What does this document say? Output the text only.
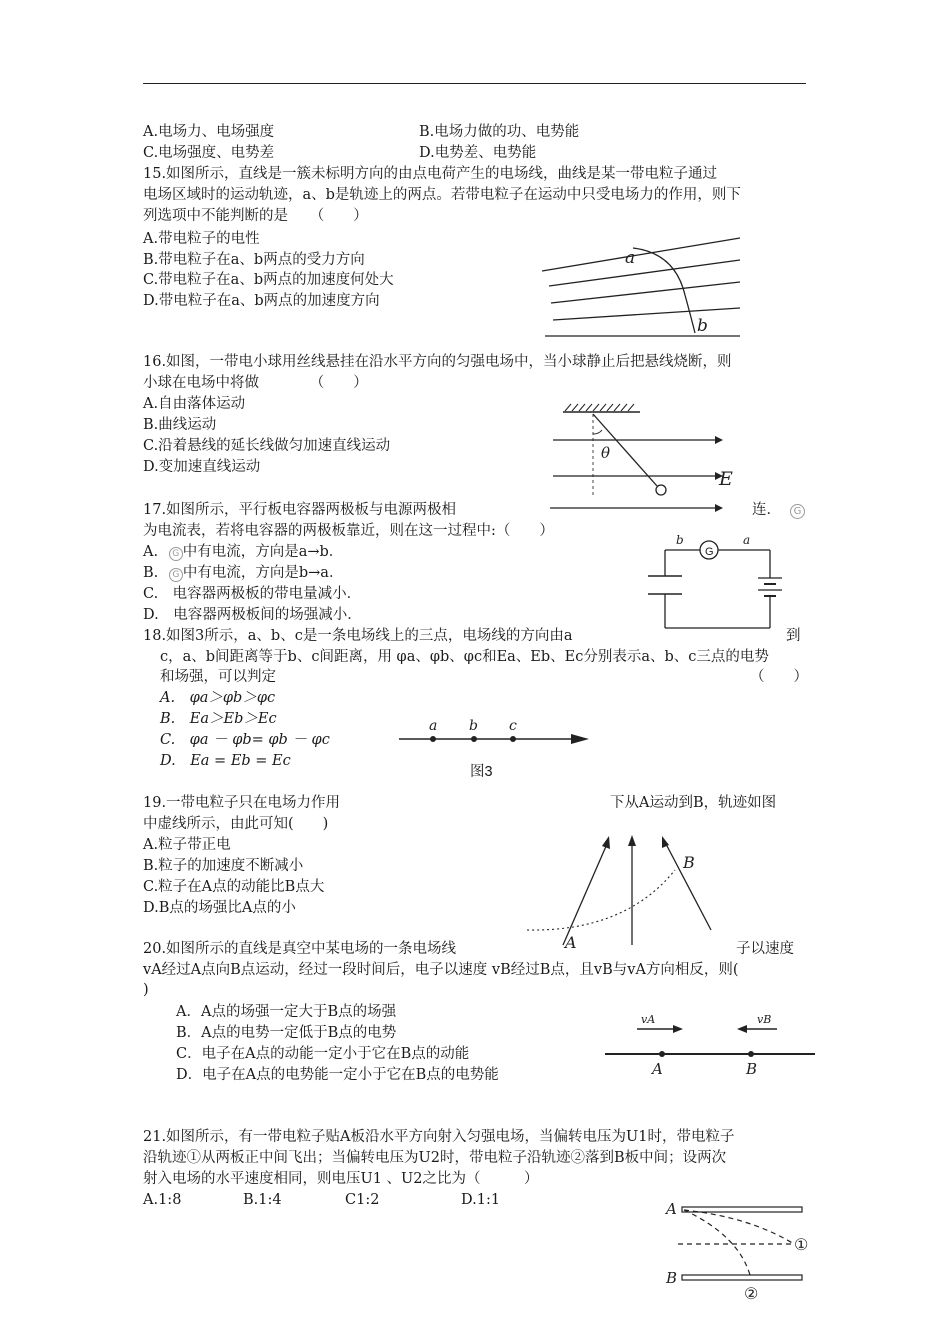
A.电场力、电场强度	B.电场力做的功、电势能
C.电场强度、电势差	D.电势差、电势能
15.如图所示，直线是一簇未标明方向的由点电荷产生的电场线，曲线是某一带电粒子通过
电场区域时的运动轨迹，a、b是轨迹上的两点。若带电粒子在运动中只受电场力的作用，则下
列选项中不能判断的是　　（　　）
A.带电粒子的电性
B.带电粒子在a、b两点的受力方向
C.带电粒子在a、b两点的加速度何处大
D.带电粒子在a、b两点的加速度方向
a
b
16.如图，一带电小球用丝线悬挂在沿水平方向的匀强电场中，当小球静止后把悬线烧断，则
小球在电场中将做　　　　（　　）
A.自由落体运动
B.曲线运动
C.沿着悬线的延长线做匀加速直线运动
D.变加速直线运动
θ
E
17.如图所示，平行板电容器两极板与电源两极相	连．	G
为电流表，若将电容器的两极板靠近，则在这一过程中:（　　）
A. G 中有电流，方向是a→b．
B. G 中有电流，方向是b→a．
C.　电容器两极板的带电量减小．
D.　电容器两极板间的场强减小．
G
b	a
18.如图3所示，a、b、c是一条电场线上的三点，电场线的方向由a	到
c，a、b间距离等于b、c间距离，用 φa、φb、φc和Ea、Eb、Ec分别表示a、b、c三点的电势
和场强，可以判定	（　　）
A.　φa＞φb＞φc
B.　Ea＞Eb＞Ec
C.　φa － φb= φb － φc
D.　Ea = Eb = Ec
a b c
图3
19.一带电粒子只在电场力作用	下从A运动到B，轨迹如图
中虚线所示，由此可知(　　)
A.粒子带正电
B.粒子的加速度不断减小
C.粒子在A点的动能比B点大
D.B点的场强比A点的小
A
B
20.如图所示的直线是真空中某电场的一条电场线	子以速度
vA经过A点向B点运动，经过一段时间后，电子以速度 vB经过B点，且vB与vA方向相反，则(
)
A．A点的场强一定大于B点的场强
B．A点的电势一定低于B点的电势
C．电子在A点的动能一定小于它在B点的动能
D．电子在A点的电势能一定小于它在B点的电势能
vA	vB
A	B
21.如图所示，有一带电粒子贴A板沿水平方向射入匀强电场，当偏转电压为U1时，带电粒子
沿轨迹①从两板正中间飞出；当偏转电压为U2时，带电粒子沿轨迹②落到B板中间；设两次
射入电场的水平速度相同，则电压U1 、U2之比为（　　　）
A.1:8	B.1:4	C1:2	D.1:1	A
B
①
②
